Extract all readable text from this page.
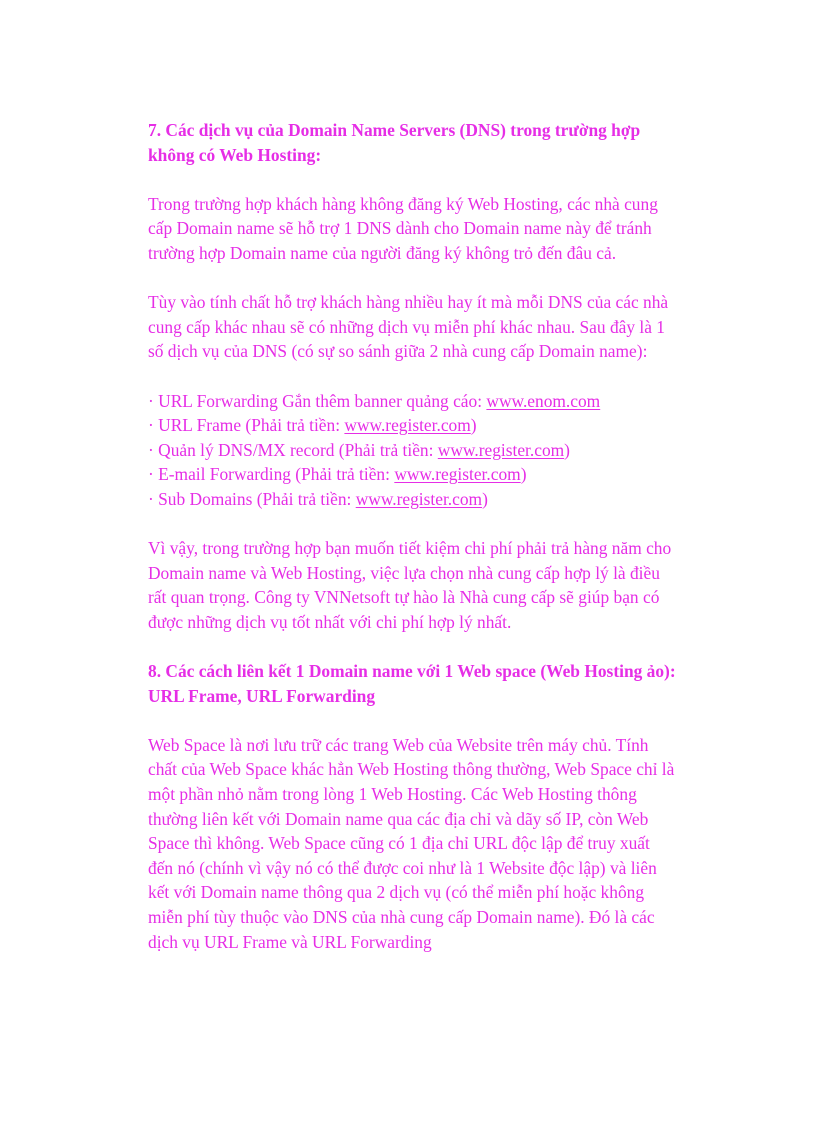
7. Các dịch vụ của Domain Name Servers (DNS) trong trường hợp không có Web Hosting:

Trong trường hợp khách hàng không đăng ký Web Hosting, các nhà cung cấp Domain name sẽ hỗ trợ 1 DNS dành cho Domain name này để tránh trường hợp Domain name của người đăng ký không trỏ đến đâu cả.

Tùy vào tính chất hỗ trợ khách hàng nhiều hay ít mà mỗi DNS của các nhà cung cấp khác nhau sẽ có những dịch vụ miễn phí khác nhau. Sau đây là 1 số dịch vụ của DNS (có sự so sánh giữa 2 nhà cung cấp Domain name):

· URL Forwarding Gắn thêm banner quảng cáo: www.enom.com
· URL Frame (Phải trả tiền: www.register.com)
· Quản lý DNS/MX record (Phải trả tiền: www.register.com)
· E-mail Forwarding (Phải trả tiền: www.register.com)
· Sub Domains (Phải trả tiền: www.register.com)

Vì vậy, trong trường hợp bạn muốn tiết kiệm chi phí phải trả hàng năm cho Domain name và Web Hosting, việc lựa chọn nhà cung cấp hợp lý là điều rất quan trọng. Công ty VNNetsoft tự hào là Nhà cung cấp sẽ giúp bạn có được những dịch vụ tốt nhất với chi phí hợp lý nhất.

8. Các cách liên kết 1 Domain name với 1 Web space (Web Hosting ảo): URL Frame, URL Forwarding

Web Space là nơi lưu trữ các trang Web của Website trên máy chủ. Tính chất của Web Space khác hẳn Web Hosting thông thường, Web Space chỉ là một phần nhỏ nằm trong lòng 1 Web Hosting. Các Web Hosting thông thường liên kết với Domain name qua các địa chỉ và dãy số IP, còn Web Space thì không. Web Space cũng có 1 địa chỉ URL độc lập để truy xuất đến nó (chính vì vậy nó có thể được coi như là 1 Website độc lập) và liên kết với Domain name thông qua 2 dịch vụ (có thể miễn phí hoặc không miễn phí tùy thuộc vào DNS của nhà cung cấp Domain name). Đó là các dịch vụ URL Frame và URL Forwarding
